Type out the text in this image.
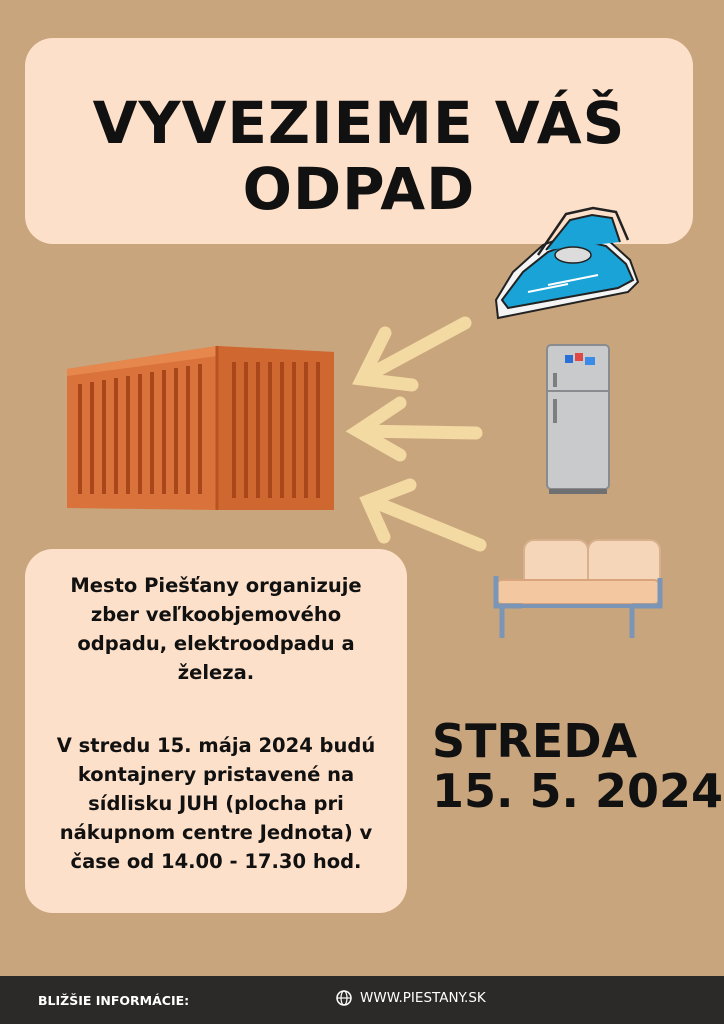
VYVEZIEME VÁŠ
ODPAD
Mesto Piešťany organizuje zber veľkoobjemového odpadu, elektroodpadu a železa.
V stredu 15. mája 2024 budú kontajnery pristavené na sídlisku JUH (plocha pri nákupnom centre Jednota) v čase od 14.00 - 17.30 hod.
STREDA
15. 5. 2024
BLIŽŠIE INFORMÁCIE:	WWW.PIESTANY.SK
